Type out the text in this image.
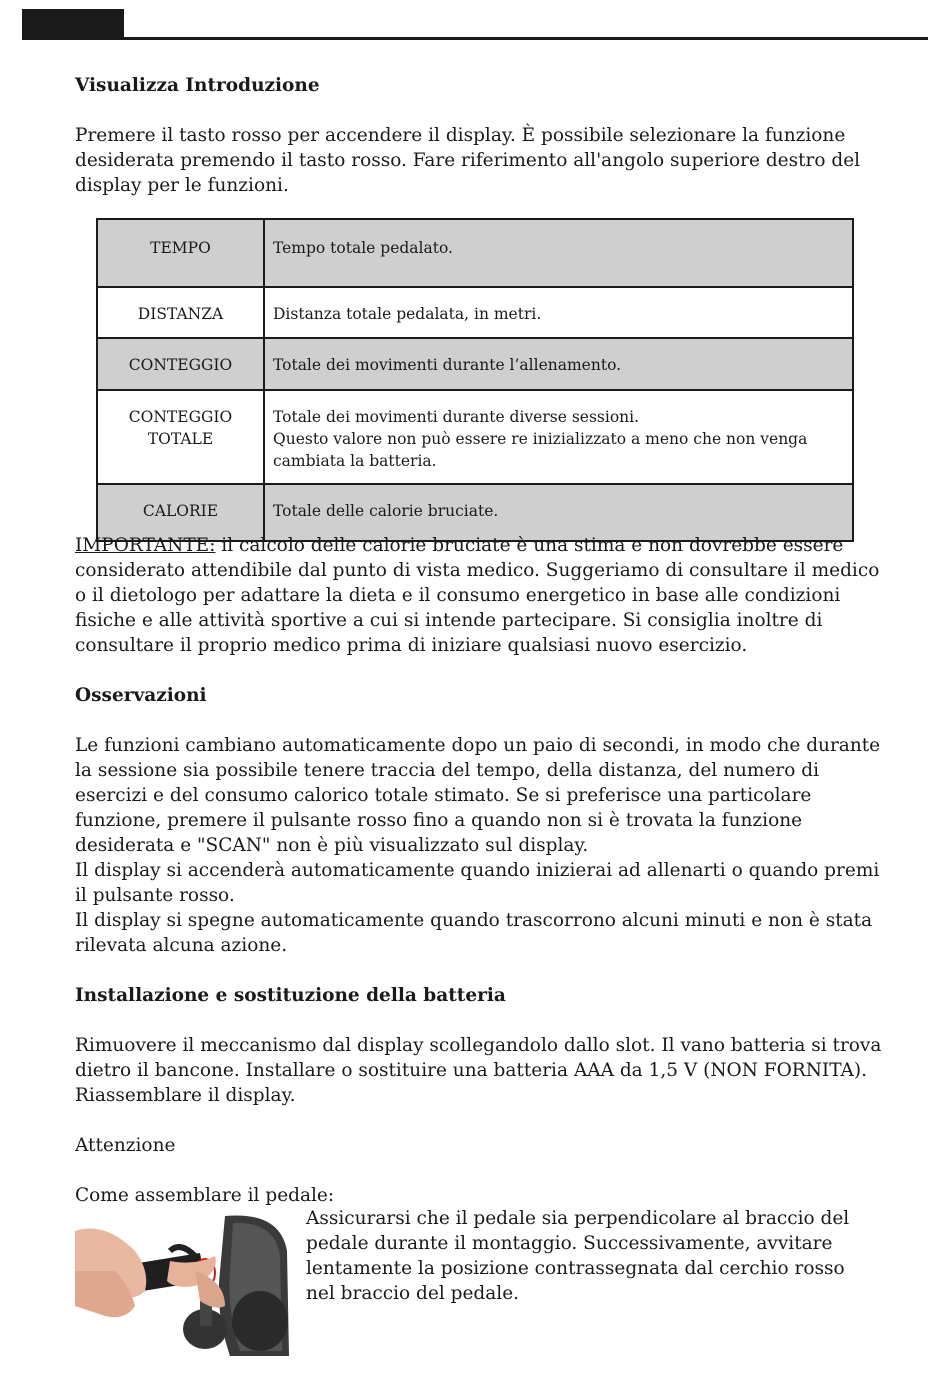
Visualizza Introduzione

Premere il tasto rosso per accendere il display. È possibile selezionare la funzione desiderata premendo il tasto rosso. Fare riferimento all'angolo superiore destro del display per le funzioni.

TEMPO	Tempo totale pedalato.
DISTANZA	Distanza totale pedalata, in metri.
CONTEGGIO	Totale dei movimenti durante l’allenamento.
CONTEGGIO TOTALE	Totale dei movimenti durante diverse sessioni.
Questo valore non può essere re inizializzato a meno che non venga cambiata la batteria.
CALORIE	Totale delle calorie bruciate.

IMPORTANTE: il calcolo delle calorie bruciate è una stima e non dovrebbe essere considerato attendibile dal punto di vista medico. Suggeriamo di consultare il medico o il dietologo per adattare la dieta e il consumo energetico in base alle condizioni fisiche e alle attività sportive a cui si intende partecipare. Si consiglia inoltre di consultare il proprio medico prima di iniziare qualsiasi nuovo esercizio.

Osservazioni

Le funzioni cambiano automaticamente dopo un paio di secondi, in modo che durante la sessione sia possibile tenere traccia del tempo, della distanza, del numero di esercizi e del consumo calorico totale stimato. Se si preferisce una particolare funzione, premere il pulsante rosso fino a quando non si è trovata la funzione desiderata e "SCAN" non è più visualizzato sul display.

Il display si accenderà automaticamente quando inizierai ad allenarti o quando premi il pulsante rosso.

Il display si spegne automaticamente quando trascorrono alcuni minuti e non è stata rilevata alcuna azione.

Installazione e sostituzione della batteria

Rimuovere il meccanismo dal display scollegandolo dallo slot. Il vano batteria si trova dietro il bancone. Installare o sostituire una batteria AAA da 1,5 V (NON FORNITA). Riassemblare il display.

Attenzione

Come assemblare il pedale:

Assicurarsi che il pedale sia perpendicolare al braccio del pedale durante il montaggio. Successivamente, avvitare lentamente la posizione contrassegnata dal cerchio rosso nel braccio del pedale.
